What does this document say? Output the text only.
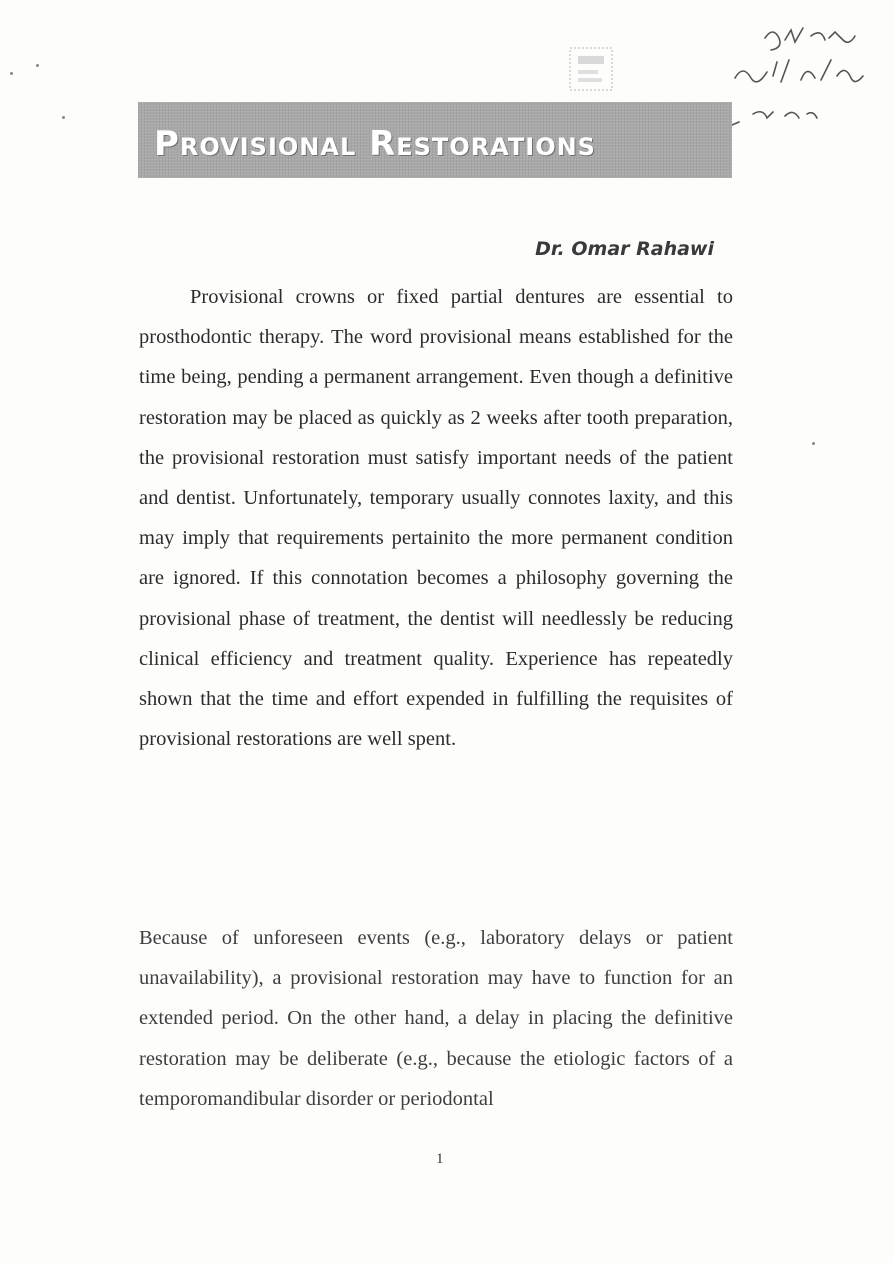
Provisional Restorations
Dr. Omar Rahawi

Provisional crowns or fixed partial dentures are essential to prosthodontic therapy. The word provisional means established for the time being, pending a permanent arrangement. Even though a definitive restoration may be placed as quickly as 2 weeks after tooth preparation, the provisional restoration must satisfy important needs of the patient and dentist. Unfortunately, temporary usually connotes laxity, and this may imply that requirements pertainito the more permanent condition are ignored. If this connotation becomes a philosophy governing the provisional phase of treatment, the dentist will needlessly be reducing clinical efficiency and treatment quality. Experience has repeatedly shown that the time and effort expended in fulfilling the requisites of provisional restorations are well spent.

Because of unforeseen events (e.g., laboratory delays or patient unavailability), a provisional restoration may have to function for an extended period. On the other hand, a delay in placing the definitive restoration may be deliberate (e.g., because the etiologic factors of a temporomandibular disorder or periodontal

1
